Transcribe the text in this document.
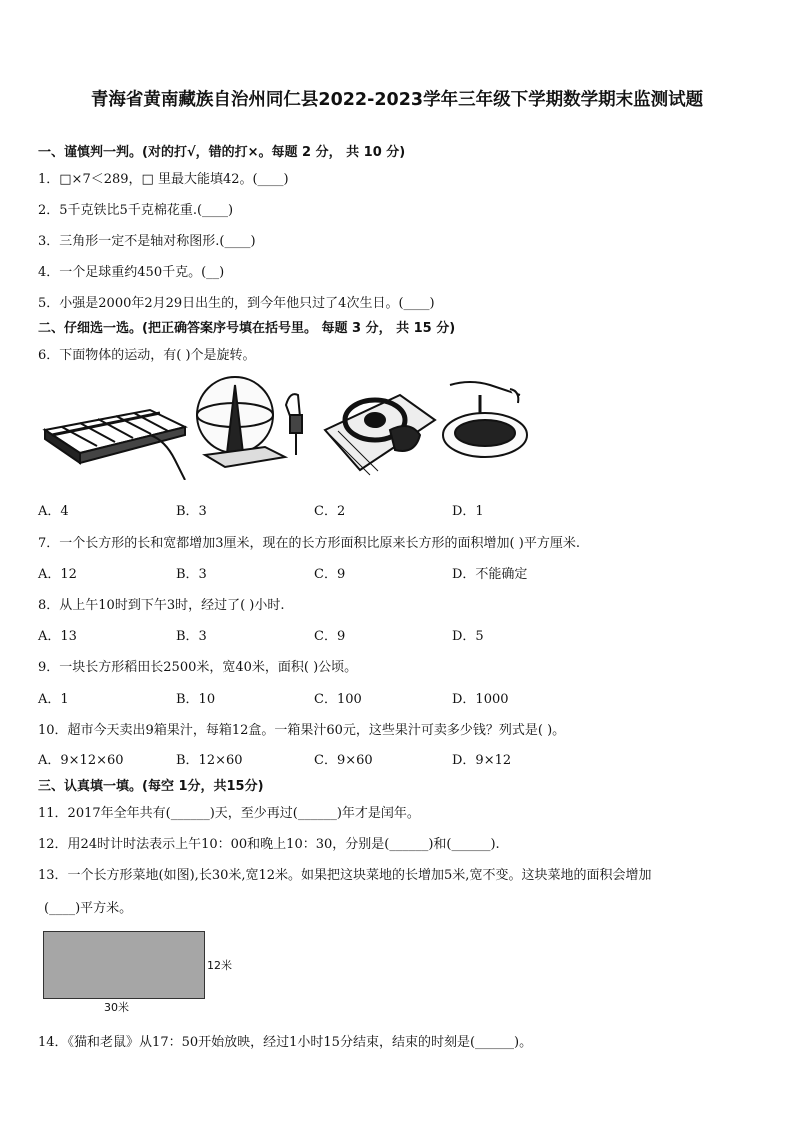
青海省黄南藏族自治州同仁县2022-2023学年三年级下学期数学期末监测试题
一、谨慎判一判。(对的打√，错的打×。每题 2 分， 共 10 分)
1．□×7＜289，□ 里最大能填42。(____)
2．5千克铁比5千克棉花重.(____)
3．三角形一定不是轴对称图形.(____)
4．一个足球重约450千克。(__)
5．小强是2000年2月29日出生的，到今年他只过了4次生日。(____)
二、仔细选一选。(把正确答案序号填在括号里。 每题 3 分， 共 15 分)
6．下面物体的运动，有( )个是旋转。
A．4	B．3	C．2	D．1
7．一个长方形的长和宽都增加3厘米，现在的长方形面积比原来长方形的面积增加( )平方厘米.
A．12	B．3	C．9	D．不能确定
8．从上午10时到下午3时，经过了( )小时.
A．13	B．3	C．9	D．5
9．一块长方形稻田长2500米，宽40米，面积( )公顷。
A．1	B．10	C．100	D．1000
10．超市今天卖出9箱果汁，每箱12盒。一箱果汁60元，这些果汁可卖多少钱？列式是( )。
A．9×12×60	B．12×60	C．9×60	D．9×12
三、认真填一填。(每空 1分，共15分)
11．2017年全年共有(______)天，至少再过(______)年才是闰年。
12．用24时计时法表示上午10：00和晚上10：30，分别是(______)和(______).
13．一个长方形菜地(如图),长30米,宽12米。如果把这块菜地的长增加5米,宽不变。这块菜地的面积会增加
(____)平方米。
12米
30米
14．《猫和老鼠》从17：50开始放映，经过1小时15分结束，结束的时刻是(______)。
